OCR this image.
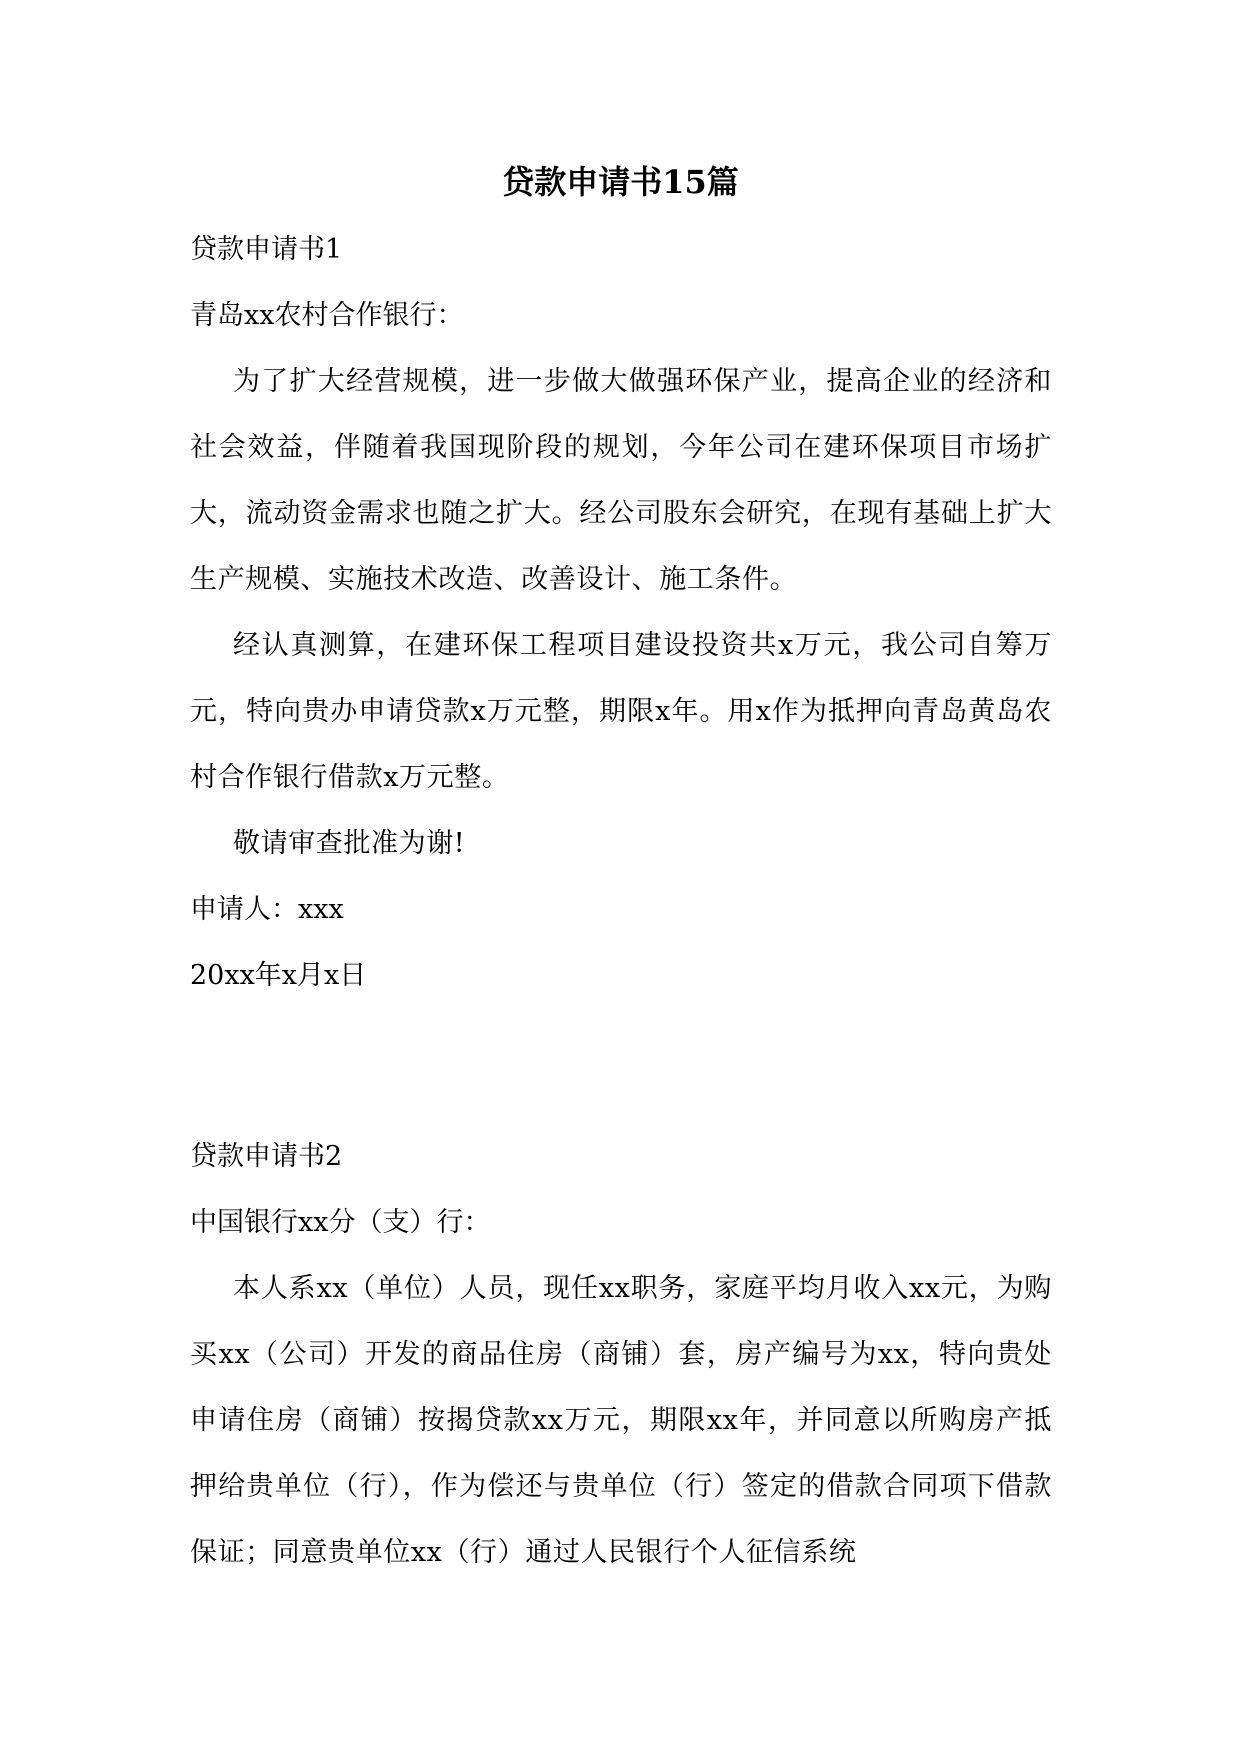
贷款申请书15篇

贷款申请书1

青岛xx农村合作银行：

为了扩大经营规模，进一步做大做强环保产业，提高企业的经济和社会效益，伴随着我国现阶段的规划，今年公司在建环保项目市场扩大，流动资金需求也随之扩大。经公司股东会研究，在现有基础上扩大生产规模、实施技术改造、改善设计、施工条件。

经认真测算，在建环保工程项目建设投资共x万元，我公司自筹万元，特向贵办申请贷款x万元整，期限x年。用x作为抵押向青岛黄岛农村合作银行借款x万元整。

敬请审查批准为谢!

申请人：xxx

20xx年x月x日

贷款申请书2

中国银行xx分（支）行：

本人系xx（单位）人员，现任xx职务，家庭平均月收入xx元，为购买xx（公司）开发的商品住房（商铺）套，房产编号为xx，特向贵处申请住房（商铺）按揭贷款xx万元，期限xx年，并同意以所购房产抵押给贵单位（行），作为偿还与贵单位（行）签定的借款合同项下借款保证；同意贵单位xx（行）通过人民银行个人征信系统
